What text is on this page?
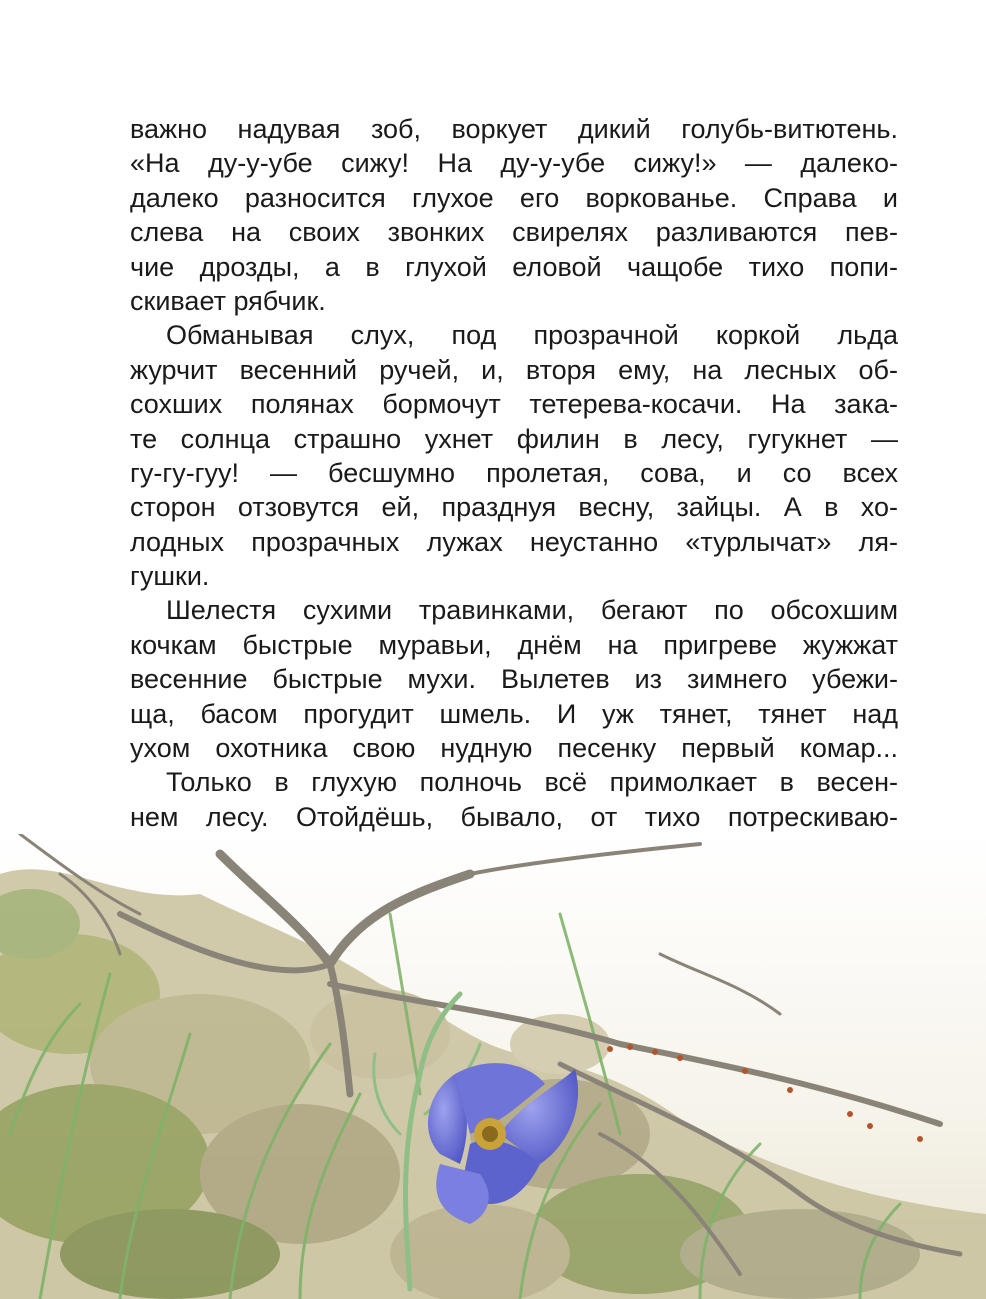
важно надувая зоб, воркует дикий голубь-витютень.
«На ду-у-убе сижу! На ду-у-убе сижу!» — далеко-
далеко разносится глухое его воркованье. Справа и
слева на своих звонких свирелях разливаются пев-
чие дрозды, а в глухой еловой чащобе тихо попи-
скивает рябчик.
Обманывая слух, под прозрачной коркой льда
журчит весенний ручей, и, вторя ему, на лесных об-
сохших полянах бормочут тетерева-косачи. На зака-
те солнца страшно ухнет филин в лесу, гугукнет —
гу-гу-гуу! — бесшумно пролетая, сова, и со всех
сторон отзовутся ей, празднуя весну, зайцы. А в хо-
лодных прозрачных лужах неустанно «турлычат» ля-
гушки.
Шелестя сухими травинками, бегают по обсохшим
кочкам быстрые муравьи, днём на пригреве жужжат
весенние быстрые мухи. Вылетев из зимнего убежи-
ща, басом прогудит шмель. И уж тянет, тянет над
ухом охотника свою нудную песенку первый комар...
Только в глухую полночь всё примолкает в весен-
нем лесу. Отойдёшь, бывало, от тихо потрескиваю-
